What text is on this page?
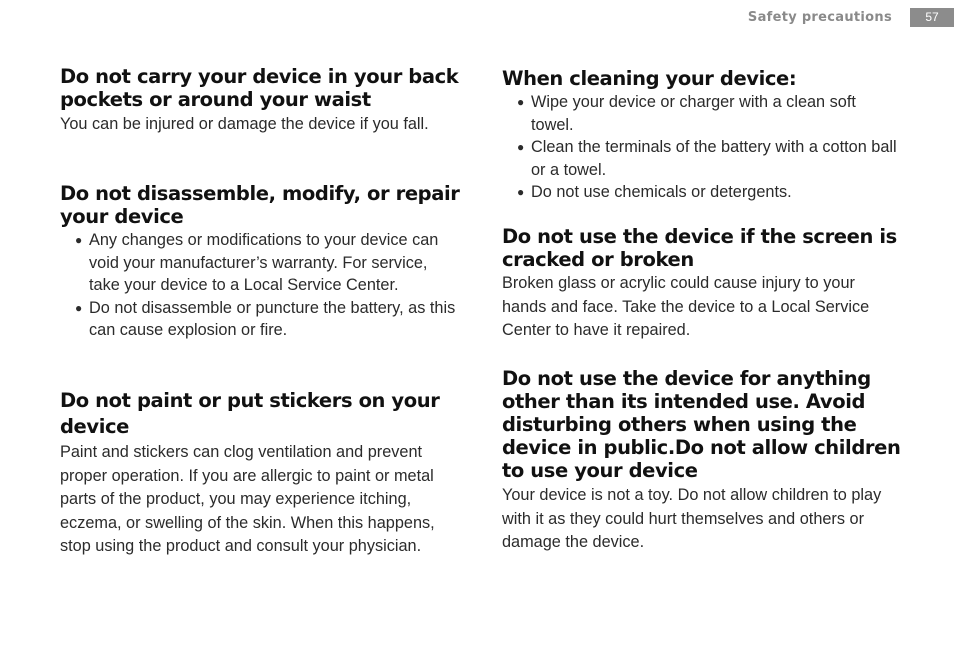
Safety precautions	57
Do not carry your device in your back pockets or around your waist

You can be injured or damage the device if you fall.

Do not disassemble, modify, or repair your device
● Any changes or modifications to your device can void your manufacturer’s warranty. For service, take your device to a Local Service Center.
● Do not disassemble or puncture the battery, as this can cause explosion or fire.
Do not paint or put stickers on your device

Paint and stickers can clog ventilation and prevent proper operation. If you are allergic to paint or metal parts of the product, you may experience itching, eczema, or swelling of the skin. When this happens, stop using the product and consult your physician.

When cleaning your device:
● Wipe your device or charger with a clean soft towel.
● Clean the terminals of the battery with a cotton ball or a towel.
● Do not use chemicals or detergents.
Do not use the device if the screen is cracked or broken

Broken glass or acrylic could cause injury to your hands and face. Take the device to a Local Service Center to have it repaired.

Do not use the device for anything other than its intended use. Avoid disturbing others when using the device in public.Do not allow children to use your device

Your device is not a toy. Do not allow children to play with it as they could hurt themselves and others or damage the device.
